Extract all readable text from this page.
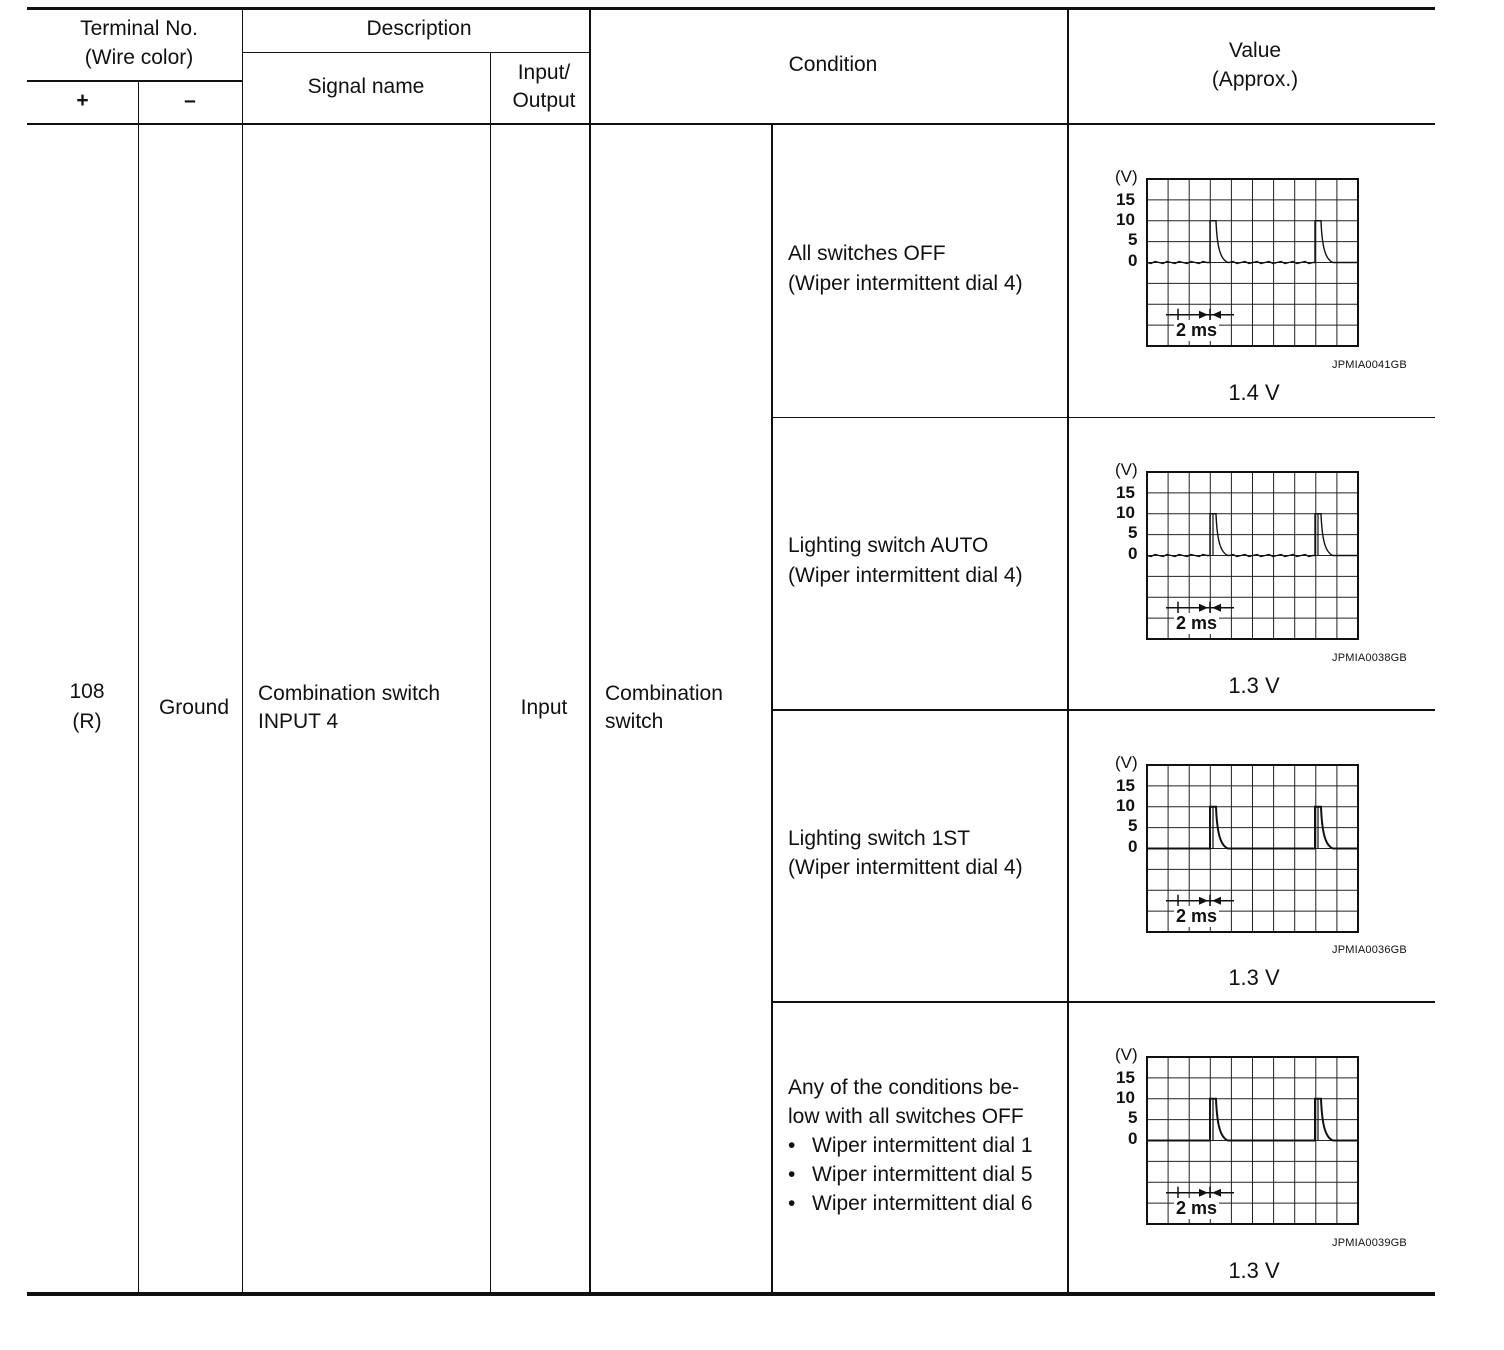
Terminal No.
(Wire color)
+	–
Description
Signal name
Input/
Output
Condition
Value
(Approx.)
108
(R)
Ground
Combination switch
INPUT 4
Input
Combination
switch
All switches OFF
(Wiper intermittent dial 4)
Lighting switch AUTO
(Wiper intermittent dial 4)
Lighting switch 1ST
(Wiper intermittent dial 4)
Any of the conditions be-
low with all switches OFF
• Wiper intermittent dial 1
• Wiper intermittent dial 5
• Wiper intermittent dial 6
(V)
15
10
5
0
2 ms
JPMIA0041GB
1.4 V
(V)
15
10
5
0
2 ms
JPMIA0038GB
1.3 V
(V)
15
10
5
0
2 ms
JPMIA0036GB
1.3 V
(V)
15
10
5
0
2 ms
JPMIA0039GB
1.3 V
